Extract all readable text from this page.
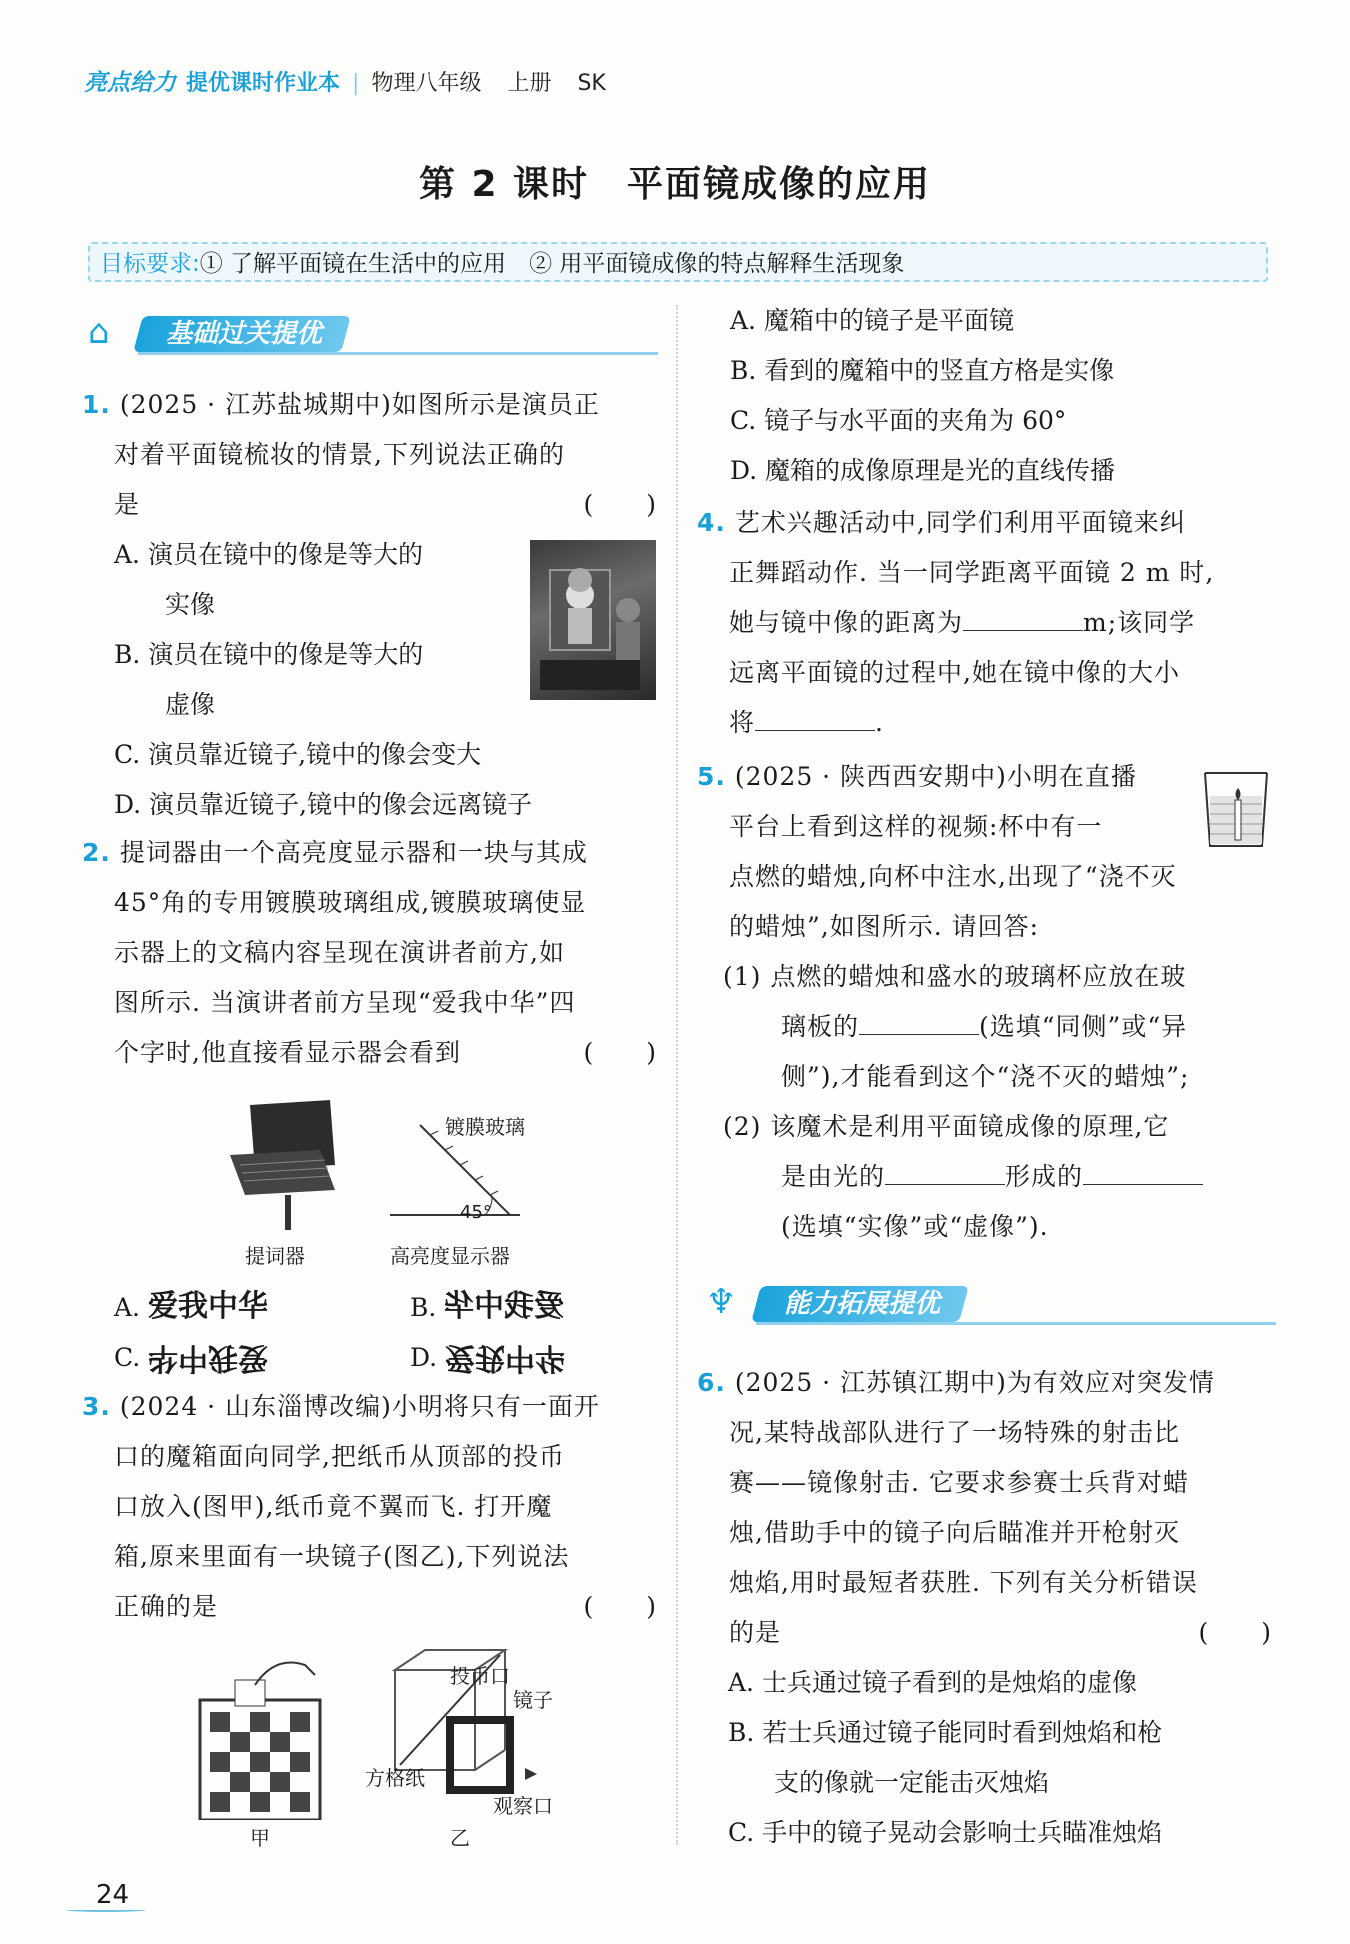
亮点给力 提优课时作业本 | 物理八年级 上册 SK
第 2 课时　平面镜成像的应用
目标要求:① 了解平面镜在生活中的应用　 ② 用平面镜成像的特点解释生活现象
⌂	基础过关提优
1. (2025 · 江苏盐城期中)如图所示是演员正
对着平面镜梳妆的情景,下列说法正确的
是	(　　)
A. 演员在镜中的像是等大的
实像
B. 演员在镜中的像是等大的
虚像
C. 演员靠近镜子,镜中的像会变大
D. 演员靠近镜子,镜中的像会远离镜子
2. 提词器由一个高亮度显示器和一块与其成
45°角的专用镀膜玻璃组成,镀膜玻璃使显
示器上的文稿内容呈现在演讲者前方,如
图所示. 当演讲者前方呈现“爱我中华”四
个字时,他直接看显示器会看到	(　　)
镀膜玻璃
45°
提词器	高亮度显示器
A. 爱我中华	B. 爱我中华
C. 爱我中华	D. 爱我中华
3. (2024 · 山东淄博改编)小明将只有一面开
口的魔箱面向同学,把纸币从顶部的投币
口放入(图甲),纸币竟不翼而飞. 打开魔
箱,原来里面有一块镜子(图乙),下列说法
正确的是	(　　)
投币口
镜子
方格纸
观察口
甲	乙
24
A. 魔箱中的镜子是平面镜
B. 看到的魔箱中的竖直方格是实像
C. 镜子与水平面的夹角为 60°
D. 魔箱的成像原理是光的直线传播
4. 艺术兴趣活动中,同学们利用平面镜来纠
正舞蹈动作. 当一同学距离平面镜 2 m 时,
她与镜中像的距离为	m;该同学
远离平面镜的过程中,她在镜中像的大小
将	.
5. (2025 · 陕西西安期中)小明在直播
平台上看到这样的视频:杯中有一
点燃的蜡烛,向杯中注水,出现了“浇不灭
的蜡烛”,如图所示. 请回答:
(1) 点燃的蜡烛和盛水的玻璃杯应放在玻
璃板的	(选填“同侧”或“异
侧”),才能看到这个“浇不灭的蜡烛”;
(2) 该魔术是利用平面镜成像的原理,它
是由光的	形成的
(选填“实像”或“虚像”).
♆	能力拓展提优
6. (2025 · 江苏镇江期中)为有效应对突发情
况,某特战部队进行了一场特殊的射击比
赛——镜像射击. 它要求参赛士兵背对蜡
烛,借助手中的镜子向后瞄准并开枪射灭
烛焰,用时最短者获胜. 下列有关分析错误
的是	(　　)
A. 士兵通过镜子看到的是烛焰的虚像
B. 若士兵通过镜子能同时看到烛焰和枪
支的像就一定能击灭烛焰
C. 手中的镜子晃动会影响士兵瞄准烛焰
